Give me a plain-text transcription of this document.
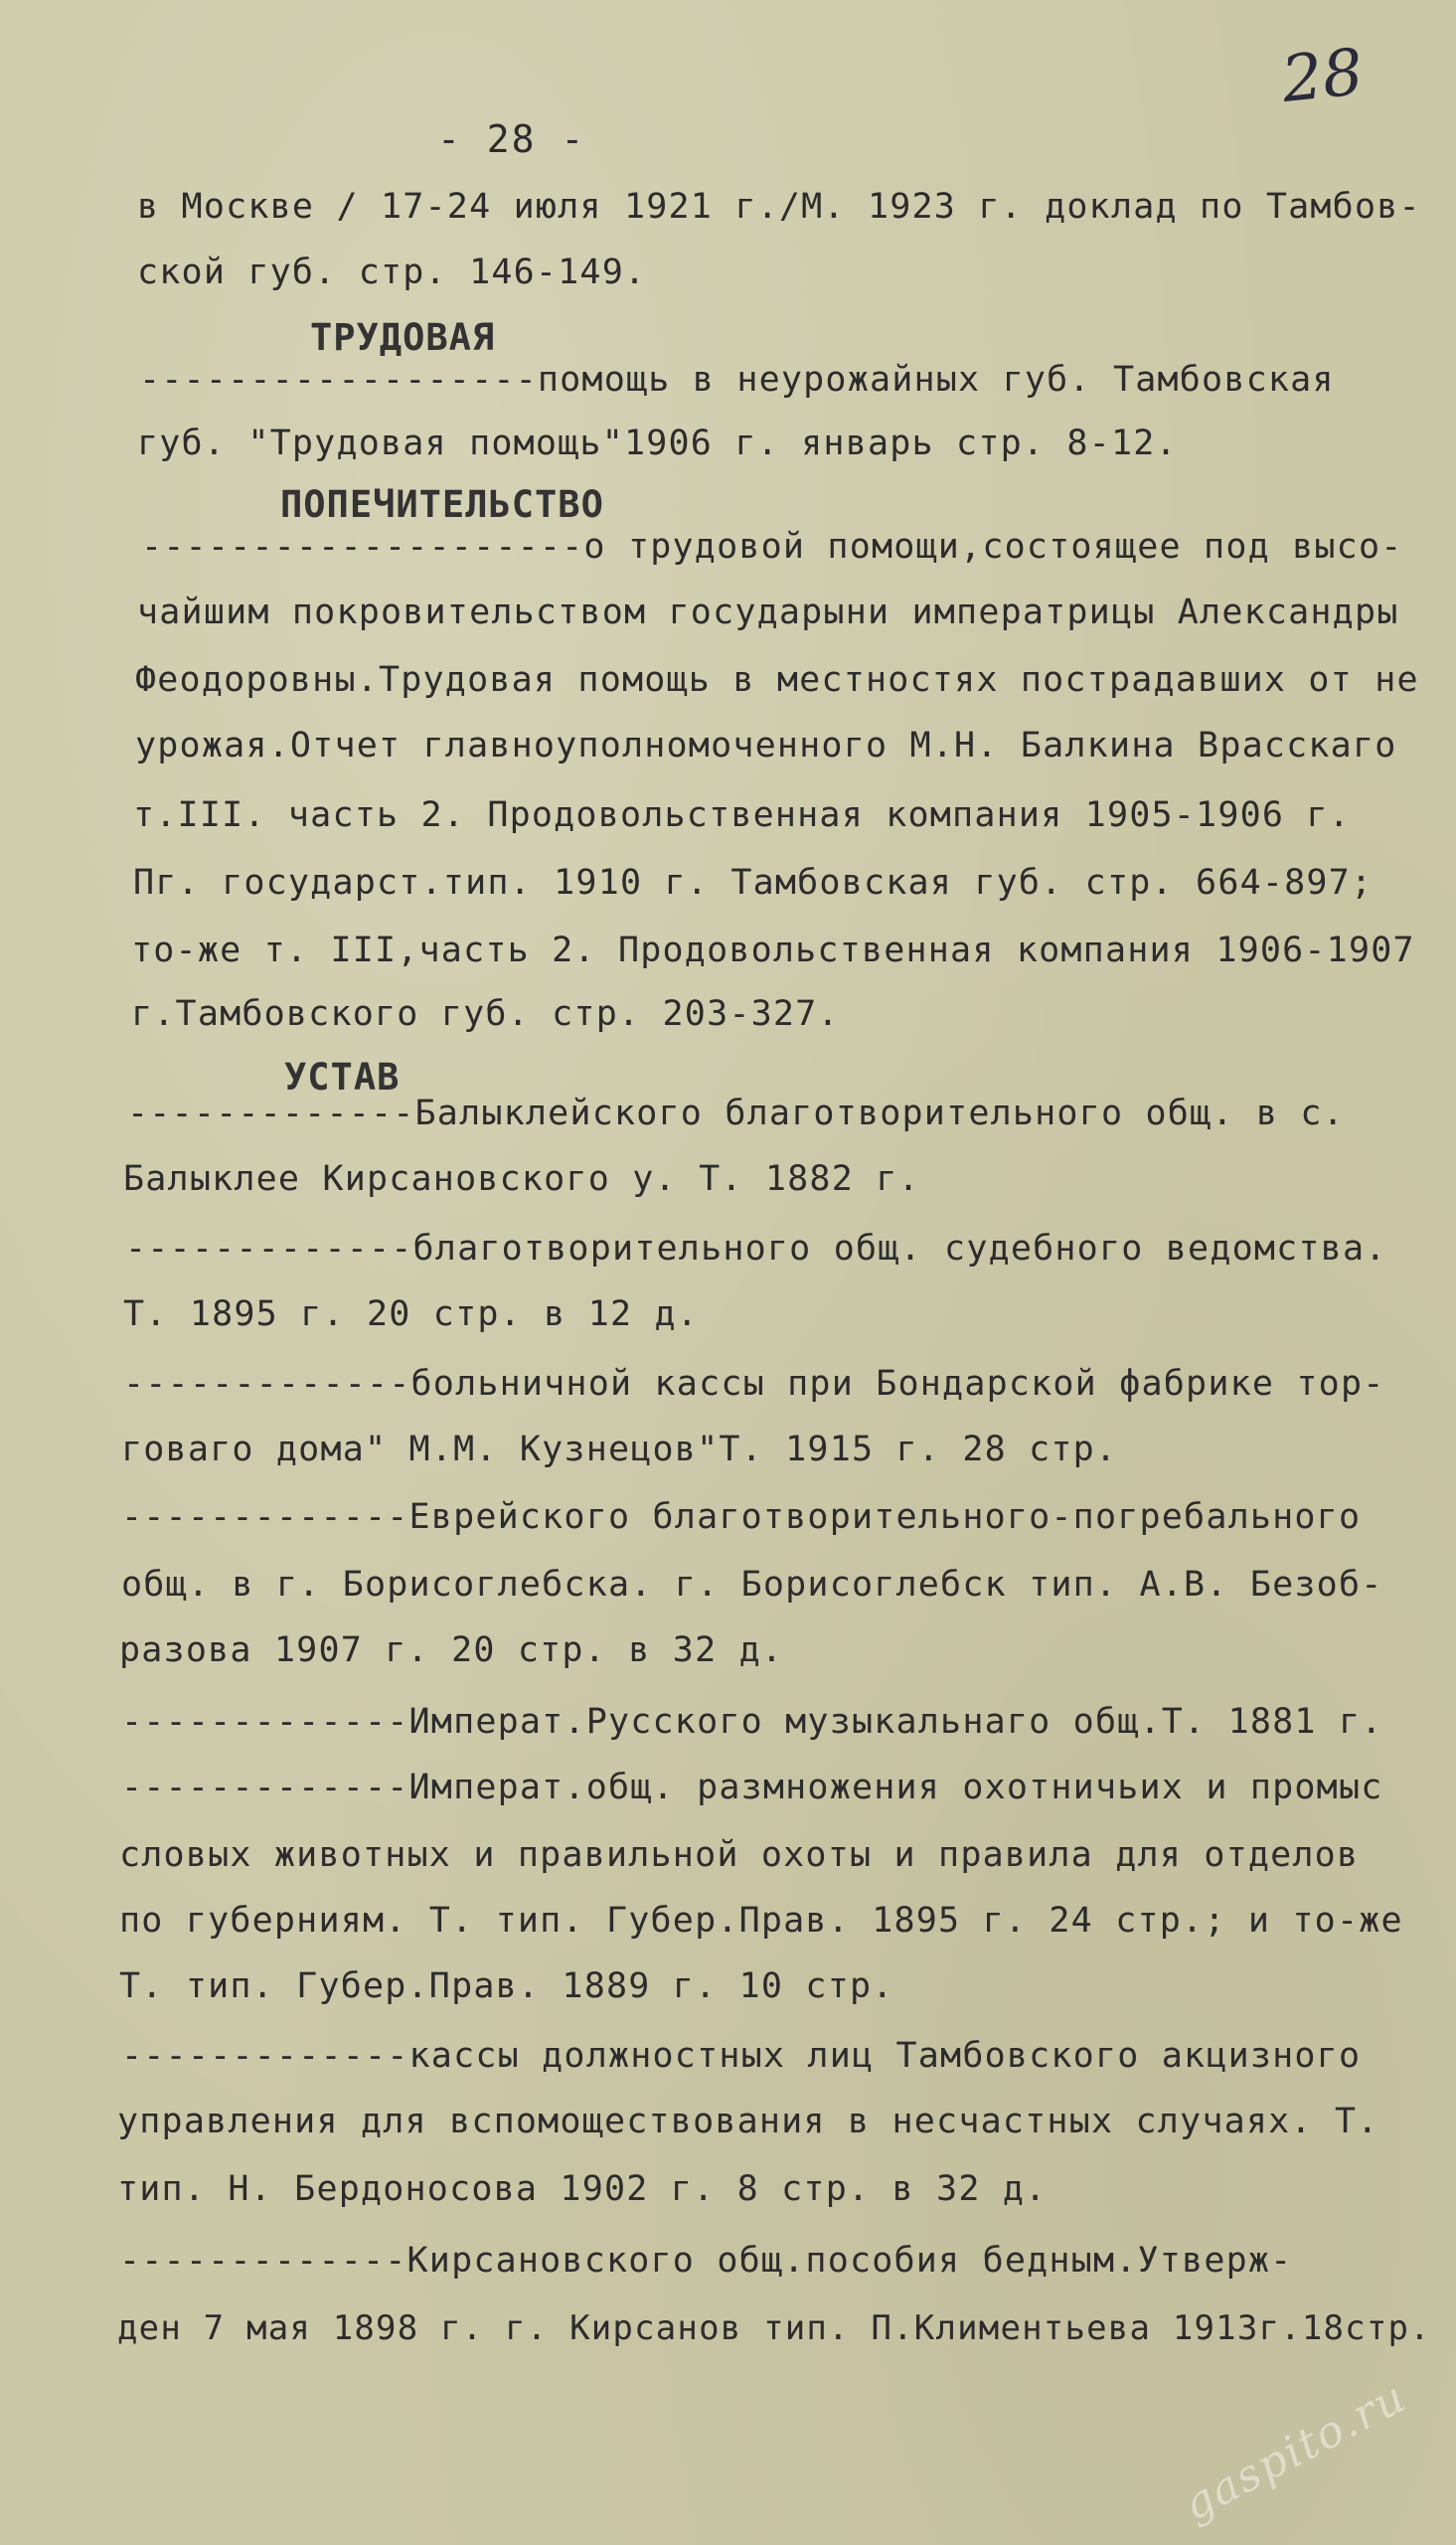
28
- 28 -
в Москве / 17-24 июля 1921 г./М. 1923 г. доклад по Тамбов-
ской губ. стр. 146-149.
ТРУДОВАЯ
------------------помощь в неурожайных губ. Тамбовская
губ. "Трудовая помощь"1906 г. январь стр. 8-12.
ПОПЕЧИТЕЛЬСТВО
--------------------о трудовой помощи,состоящее под высо-
чайшим покровительством государыни императрицы Александры
Феодоровны.Трудовая помощь в местностях пострадавших от не
урожая.Отчет главноуполномоченного М.Н. Балкина Врасскаго
т.III. часть 2. Продовольственная компания 1905-1906 г.
Пг. государст.тип. 1910 г. Тамбовская губ. стр. 664-897;
то-же т. III,часть 2. Продовольственная компания 1906-1907
г.Тамбовского губ. стр. 203-327.
УСТАВ
-------------Балыклейского благотворительного общ. в с.
Балыклее Кирсановского у. Т. 1882 г.
-------------благотворительного общ. судебного ведомства.
Т. 1895 г. 20 стр. в 12 д.
-------------больничной кассы при Бондарской фабрике тор-
говаго дома" М.М. Кузнецов"Т. 1915 г. 28 стр.
-------------Еврейского благотворительного-погребального
общ. в г. Борисоглебска. г. Борисоглебск тип. А.В. Безоб-
разова 1907 г. 20 стр. в 32 д.
-------------Императ.Русского музыкальнаго общ.Т. 1881 г.
-------------Императ.общ. размножения охотничьих и промыс
словых животных и правильной охоты и правила для отделов
по губерниям. Т. тип. Губер.Прав. 1895 г. 24 стр.; и то-же
Т. тип. Губер.Прав. 1889 г. 10 стр.
-------------кассы должностных лиц Тамбовского акцизного
управления для вспомоществования в несчастных случаях. Т.
тип. Н. Бердоносова 1902 г. 8 стр. в 32 д.
-------------Кирсановского общ.пособия бедным.Утверж-
ден 7 мая 1898 г. г. Кирсанов тип. П.Климентьева 1913г.18стр.
gaspito.ru
